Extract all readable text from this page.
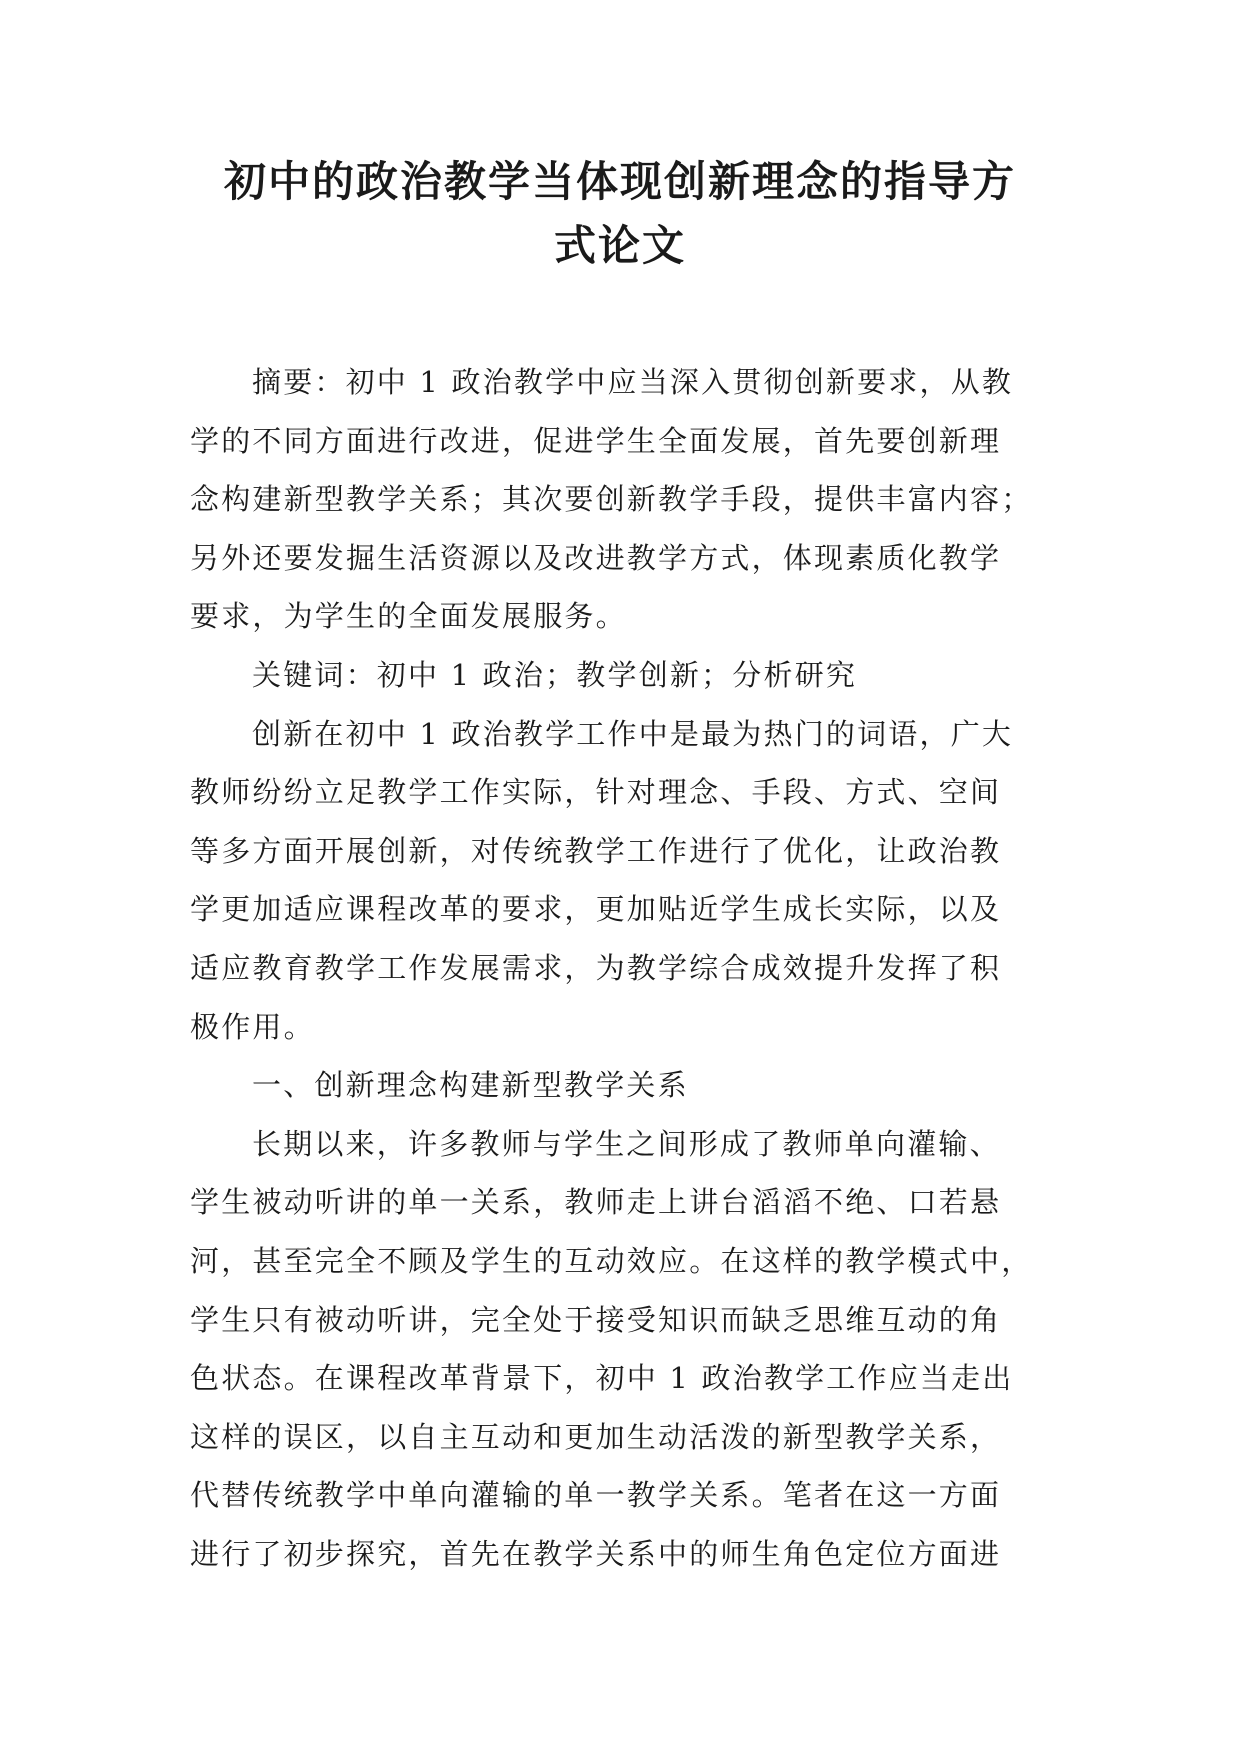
初中的政治教学当体现创新理念的指导方
式论文
摘要：初中 1 政治教学中应当深入贯彻创新要求，从教
学的不同方面进行改进，促进学生全面发展，首先要创新理
念构建新型教学关系；其次要创新教学手段，提供丰富内容；
另外还要发掘生活资源以及改进教学方式，体现素质化教学
要求，为学生的全面发展服务。
关键词：初中 1 政治；教学创新；分析研究
创新在初中 1 政治教学工作中是最为热门的词语，广大
教师纷纷立足教学工作实际，针对理念、手段、方式、空间
等多方面开展创新，对传统教学工作进行了优化，让政治教
学更加适应课程改革的要求，更加贴近学生成长实际，以及
适应教育教学工作发展需求，为教学综合成效提升发挥了积
极作用。
一、创新理念构建新型教学关系
长期以来，许多教师与学生之间形成了教师单向灌输、
学生被动听讲的单一关系，教师走上讲台滔滔不绝、口若悬
河，甚至完全不顾及学生的互动效应。在这样的教学模式中，
学生只有被动听讲，完全处于接受知识而缺乏思维互动的角
色状态。在课程改革背景下，初中 1 政治教学工作应当走出
这样的误区，以自主互动和更加生动活泼的新型教学关系，
代替传统教学中单向灌输的单一教学关系。笔者在这一方面
进行了初步探究，首先在教学关系中的师生角色定位方面进
